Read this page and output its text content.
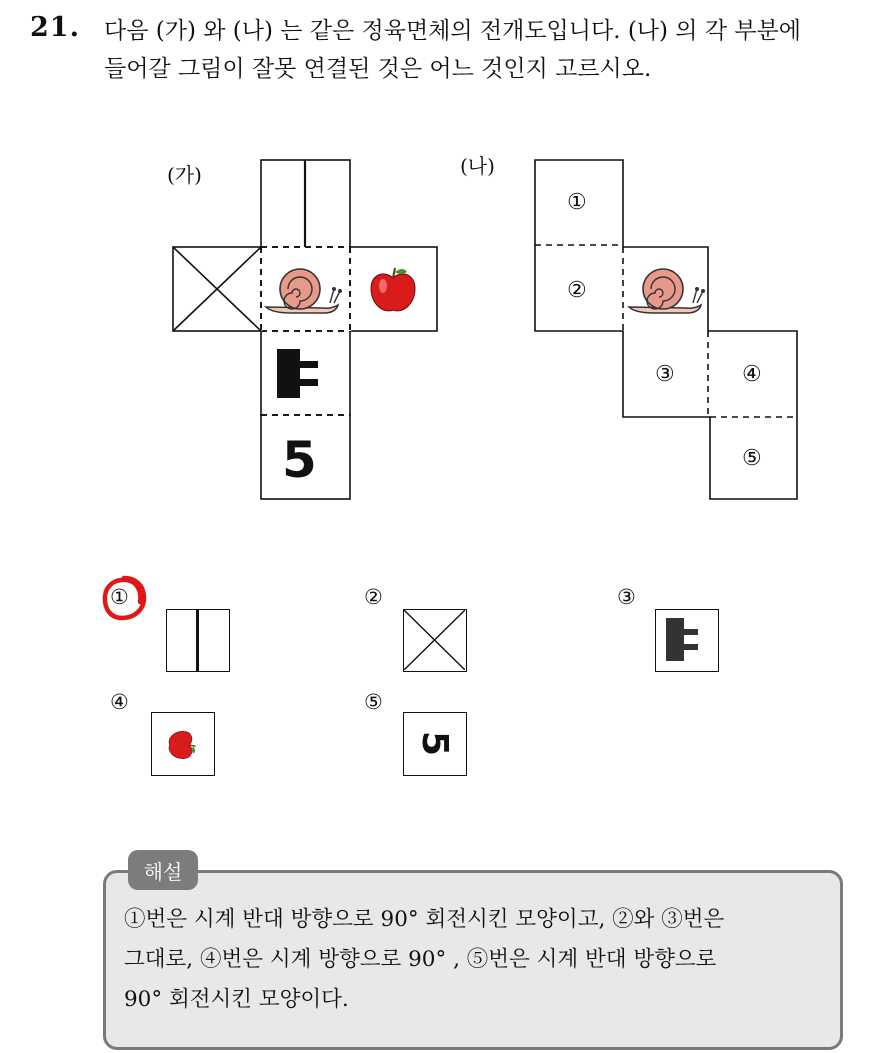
21. 다음 (가) 와 (나) 는 같은 정육면체의 전개도입니다. (나) 의 각 부분에
들어갈 그림이 잘못 연결된 것은 어느 것인지 고르시오.
(가)
5
(나)
①
②
③	④
⑤
①	②	③
④	⑤
5
해설
①번은 시계 반대 방향으로 90° 회전시킨 모양이고, ②와 ③번은
그대로, ④번은 시계 방향으로 90° , ⑤번은 시계 반대 방향으로
90° 회전시킨 모양이다.
